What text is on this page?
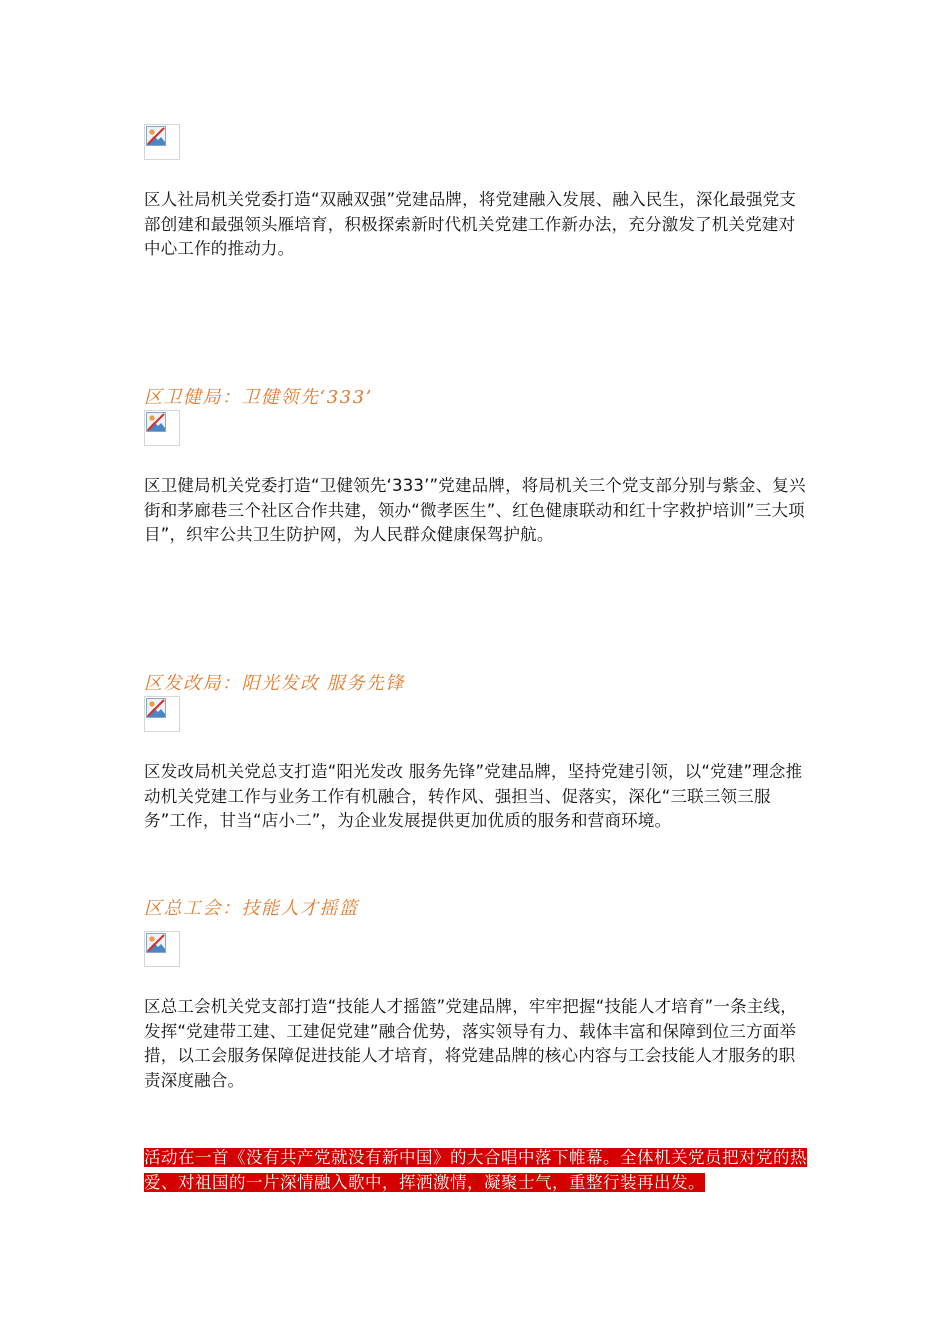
区人社局机关党委打造“双融双强”党建品牌，将党建融入发展、融入民生，深化最强党支部创建和最强领头雁培育，积极探索新时代机关党建工作新办法，充分激发了机关党建对中心工作的推动力。
区卫健局：卫健领先‘333’
区卫健局机关党委打造“卫健领先‘333’”党建品牌，将局机关三个党支部分别与紫金、复兴街和茅廊巷三个社区合作共建，领办“微孝医生”、红色健康联动和红十字救护培训”三大项目”，织牢公共卫生防护网，为人民群众健康保驾护航。
区发改局：阳光发改 服务先锋
区发改局机关党总支打造“阳光发改 服务先锋”党建品牌，坚持党建引领，以“党建”理念推动机关党建工作与业务工作有机融合，转作风、强担当、促落实，深化“三联三领三服务”工作，甘当“店小二”，为企业发展提供更加优质的服务和营商环境。
区总工会：技能人才摇篮
区总工会机关党支部打造“技能人才摇篮”党建品牌，牢牢把握“技能人才培育”一条主线，发挥“党建带工建、工建促党建”融合优势，落实领导有力、载体丰富和保障到位三方面举措，以工会服务保障促进技能人才培育，将党建品牌的核心内容与工会技能人才服务的职责深度融合。
活动在一首《没有共产党就没有新中国》的大合唱中落下帷幕。全体机关党员把对党的热爱、对祖国的一片深情融入歌中，挥洒激情，凝聚士气，重整行装再出发。
